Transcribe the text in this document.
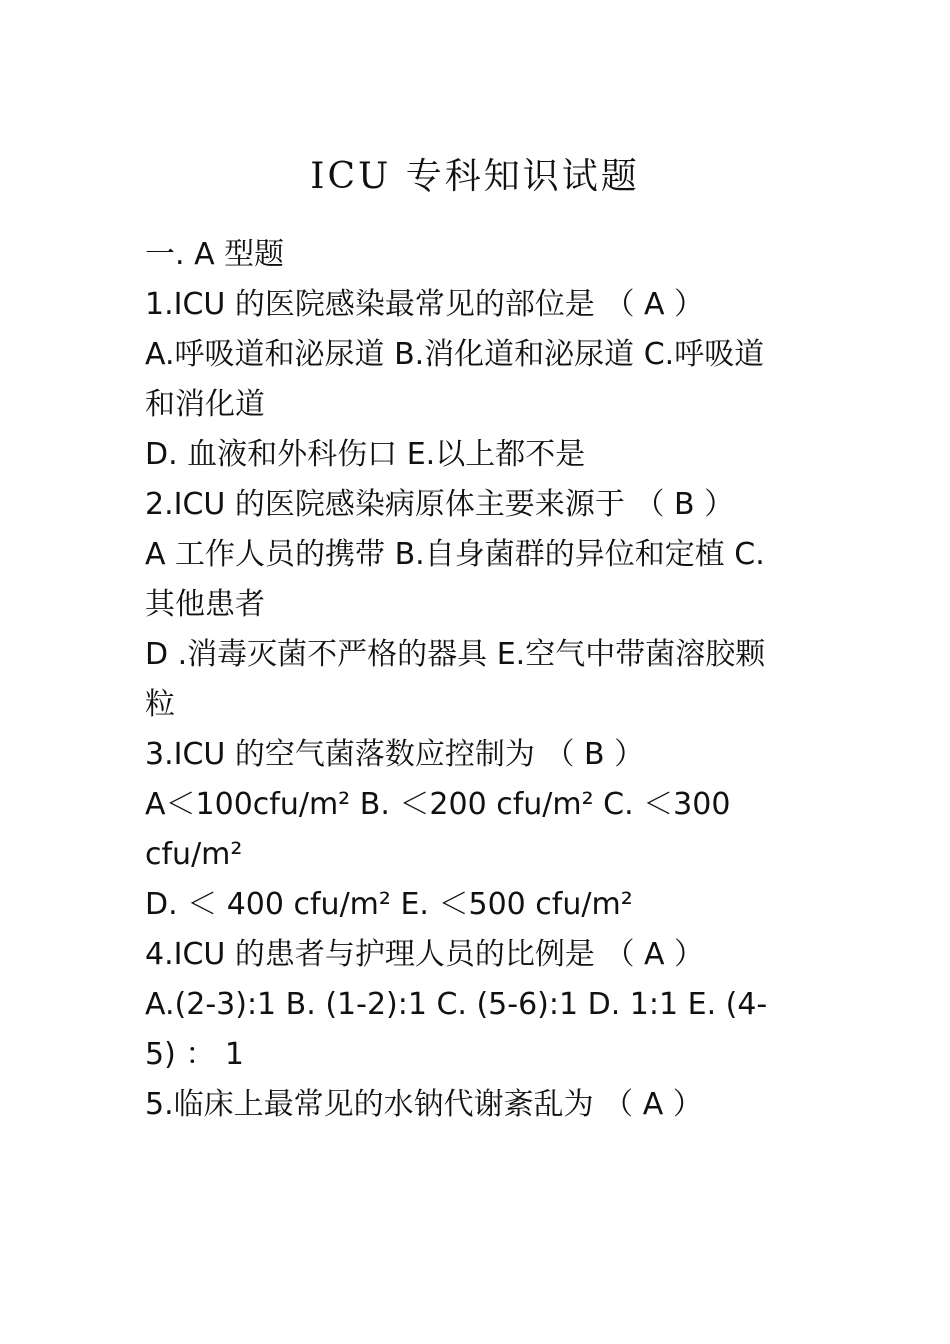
ICU 专科知识试题
一. A 型题
1.ICU 的医院感染最常见的部位是 （ A ）
A.呼吸道和泌尿道 B.消化道和泌尿道 C.呼吸道
和消化道
D. 血液和外科伤口 E.以上都不是
2.ICU 的医院感染病原体主要来源于 （ B ）
A 工作人员的携带 B.自身菌群的异位和定植 C.
其他患者
D .消毒灭菌不严格的器具 E.空气中带菌溶胶颗
粒
3.ICU 的空气菌落数应控制为 （ B ）
A＜100cfu/m² B. ＜200 cfu/m² C. ＜300
cfu/m²
D. ＜ 400 cfu/m² E. ＜500 cfu/m²
4.ICU 的患者与护理人员的比例是 （ A ）
A.(2-3):1 B. (1-2):1 C. (5-6):1 D. 1:1 E. (4-
5) ： 1
5.临床上最常见的水钠代谢紊乱为 （ A ）
